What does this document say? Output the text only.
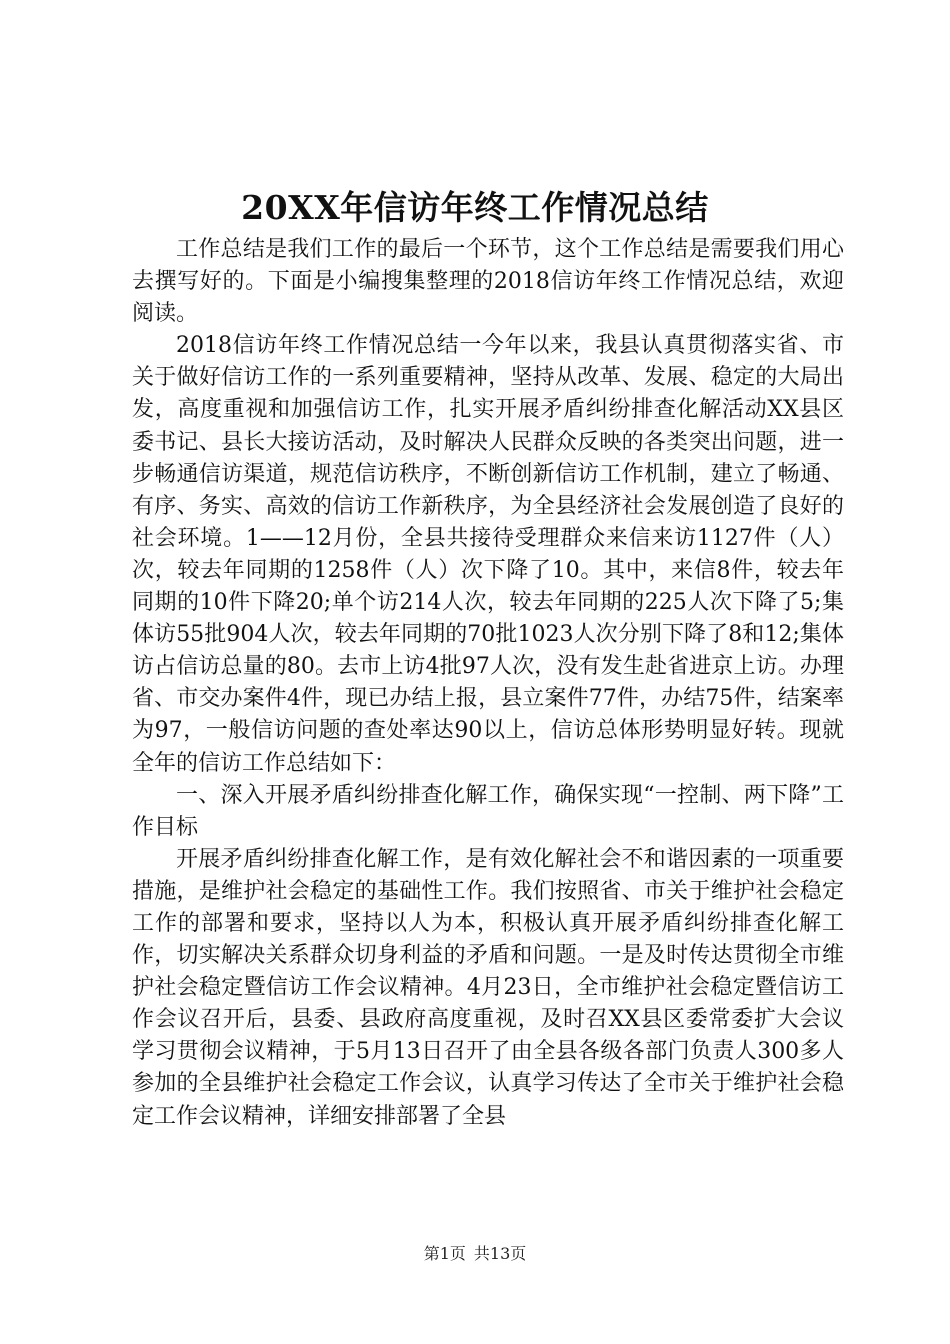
20XX年信访年终工作情况总结

工作总结是我们工作的最后一个环节，这个工作总结是需要我们用心去撰写好的。下面是小编搜集整理的2018信访年终工作情况总结，欢迎阅读。

2018信访年终工作情况总结一今年以来，我县认真贯彻落实省、市关于做好信访工作的一系列重要精神，坚持从改革、发展、稳定的大局出发，高度重视和加强信访工作，扎实开展矛盾纠纷排查化解活动XX县区委书记、县长大接访活动，及时解决人民群众反映的各类突出问题，进一步畅通信访渠道，规范信访秩序，不断创新信访工作机制，建立了畅通、有序、务实、高效的信访工作新秩序，为全县经济社会发展创造了良好的社会环境。1——12月份，全县共接待受理群众来信来访1127件（人）次，较去年同期的1258件（人）次下降了10。其中，来信8件，较去年同期的10件下降20;单个访214人次，较去年同期的225人次下降了5;集体访55批904人次，较去年同期的70批1023人次分别下降了8和12;集体访占信访总量的80。去市上访4批97人次，没有发生赴省进京上访。办理省、市交办案件4件，现已办结上报，县立案件77件，办结75件，结案率为97，一般信访问题的查处率达90以上，信访总体形势明显好转。现就全年的信访工作总结如下：

一、深入开展矛盾纠纷排查化解工作，确保实现“一控制、两下降”工作目标

开展矛盾纠纷排查化解工作，是有效化解社会不和谐因素的一项重要措施，是维护社会稳定的基础性工作。我们按照省、市关于维护社会稳定工作的部署和要求，坚持以人为本，积极认真开展矛盾纠纷排查化解工作，切实解决关系群众切身利益的矛盾和问题。一是及时传达贯彻全市维护社会稳定暨信访工作会议精神。4月23日，全市维护社会稳定暨信访工作会议召开后，县委、县政府高度重视，及时召XX县区委常委扩大会议学习贯彻会议精神，于5月13日召开了由全县各级各部门负责人300多人参加的全县维护社会稳定工作会议，认真学习传达了全市关于维护社会稳定工作会议精神，详细安排部署了全县

第1页 共13页
